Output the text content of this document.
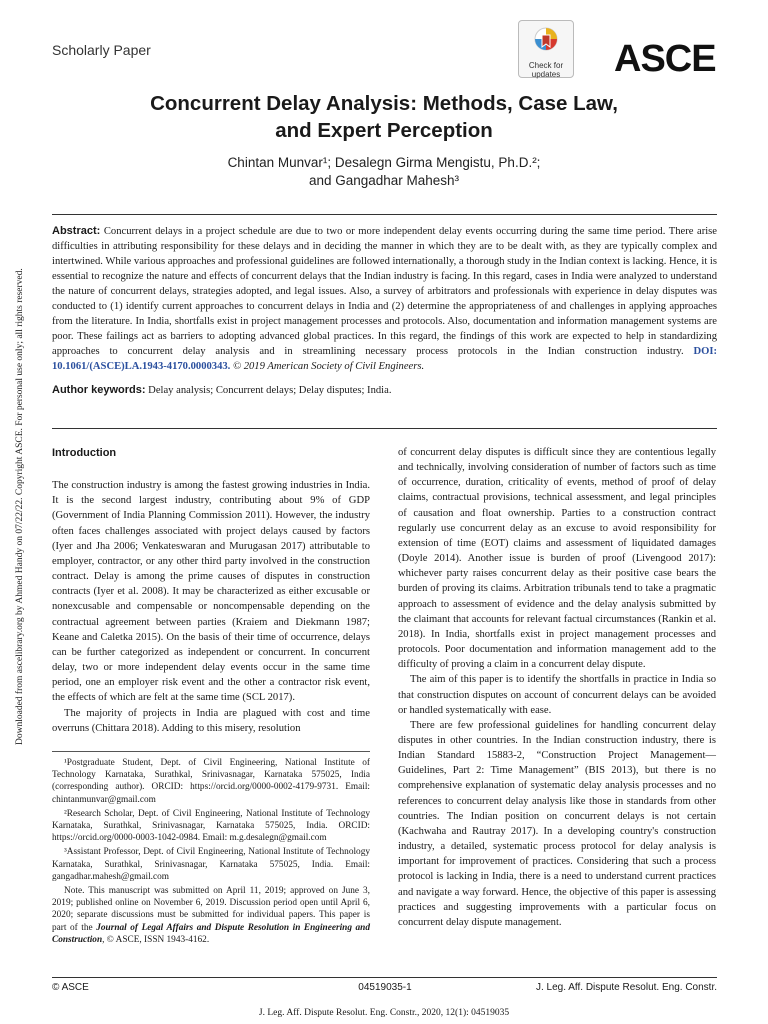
Downloaded from ascelibrary.org by Ahmed Handy on 07/22/22. Copyright ASCE. For personal use only; all rights reserved.
Scholarly Paper
Check for
updates	ASCE
Concurrent Delay Analysis: Methods, Case Law,
and Expert Perception
Chintan Munvar¹; Desalegn Girma Mengistu, Ph.D.²;
and Gangadhar Mahesh³

Abstract: Concurrent delays in a project schedule are due to two or more independent delay events occurring during the same time period. There arise difficulties in attributing responsibility for these delays and in deciding the manner in which they are to be dealt with, as they are typically complex and intertwined. While various approaches and professional guidelines are followed internationally, a thorough study in the Indian context is lacking. Hence, it is essential to recognize the nature and effects of concurrent delays that the Indian industry is facing. In this regard, cases in India were analyzed to understand the nature of concurrent delays, strategies adopted, and legal issues. Also, a survey of arbitrators and professionals with experience in delay disputes was conducted to (1) identify current approaches to concurrent delays in India and (2) determine the appropriateness of and challenges in applying approaches from the literature. In India, shortfalls exist in project management processes and protocols. Also, documentation and information management systems are poor. These failings act as barriers to adopting advanced global practices. In this regard, the findings of this work are expected to help in standardizing approaches to concurrent delay analysis and in streamlining necessary process protocols in the Indian construction industry. DOI: 10.1061/(ASCE)LA.1943-4170.0000343. © 2019 American Society of Civil Engineers.

Author keywords: Delay analysis; Concurrent delays; Delay disputes; India.

Introduction

The construction industry is among the fastest growing industries in India. It is the second largest industry, contributing about 9% of GDP (Government of India Planning Commission 2011). However, the industry often faces challenges associated with project delays caused by factors (Iyer and Jha 2006; Venkateswaran and Murugasan 2017) attributable to employer, contractor, or any other third party involved in the construction contract. Delay is among the prime causes of disputes in construction contracts (Iyer et al. 2008). It may be characterized as either excusable or nonexcusable and compensable or noncompensable depending on the contractual agreement between parties (Kraiem and Diekmann 1987; Keane and Caletka 2015). On the basis of their time of occurrence, delays can be further categorized as independent or concurrent. In concurrent delay, two or more independent delay events occur in the same time period, one an employer risk event and the other a contractor risk event, the effects of which are felt at the same time (SCL 2017).

The majority of projects in India are plagued with cost and time overruns (Chittara 2018). Adding to this misery, resolution

¹Postgraduate Student, Dept. of Civil Engineering, National Institute of Technology Karnataka, Surathkal, Srinivasnagar, Karnataka 575025, India (corresponding author). ORCID: https://orcid.org/0000-0002-4179-9731. Email: chintanmunvar@gmail.com

²Research Scholar, Dept. of Civil Engineering, National Institute of Technology Karnataka, Surathkal, Srinivasnagar, Karnataka 575025, India. ORCID: https://orcid.org/0000-0003-1042-0984. Email: m.g.desalegn@gmail.com

³Assistant Professor, Dept. of Civil Engineering, National Institute of Technology Karnataka, Surathkal, Srinivasnagar, Karnataka 575025, India. Email: gangadhar.mahesh@gmail.com

Note. This manuscript was submitted on April 11, 2019; approved on June 3, 2019; published online on November 6, 2019. Discussion period open until April 6, 2020; separate discussions must be submitted for individual papers. This paper is part of the Journal of Legal Affairs and Dispute Resolution in Engineering and Construction, © ASCE, ISSN 1943-4162.

of concurrent delay disputes is difficult since they are contentious legally and technically, involving consideration of number of factors such as time of occurrence, duration, criticality of events, method of proof of delay claims, contractual provisions, technical assessment, and legal principles of causation and float ownership. Parties to a construction contract regularly use concurrent delay as an excuse to avoid responsibility for extension of time (EOT) claims and assessment of liquidated damages (Doyle 2014). Another issue is burden of proof (Livengood 2017): whichever party raises concurrent delay as their positive case bears the burden of proving its claims. Arbitration tribunals tend to take a pragmatic approach to assessment of evidence and the delay analysis submitted by the claimant that accounts for relevant factual circumstances (Rankin et al. 2018). In India, shortfalls exist in project management processes and protocols. Poor documentation and information management add to the difficulty of proving a claim in a concurrent delay dispute.

The aim of this paper is to identify the shortfalls in practice in India so that construction disputes on account of concurrent delays can be avoided or handled systematically with ease.

There are few professional guidelines for handling concurrent delay disputes in other countries. In the Indian construction industry, there is Indian Standard 15883-2, “Construction Project Management—Guidelines, Part 2: Time Management” (BIS 2013), but there is no comprehensive explanation of systematic delay analysis processes and no references to concurrent delay analysis like those in standards from other countries. The Indian position on concurrent delays is not certain (Kachwaha and Rautray 2017). In a developing country's construction industry, a detailed, systematic process protocol for delay analysis is important for improvement of practices. Considering that such a process protocol is lacking in India, there is a need to understand current practices and navigate a way forward. Hence, the objective of this paper is assessing practices and suggesting improvements with a particular focus on concurrent delay dispute management.

© ASCE	04519035-1	J. Leg. Aff. Dispute Resolut. Eng. Constr.
J. Leg. Aff. Dispute Resolut. Eng. Constr., 2020, 12(1): 04519035
